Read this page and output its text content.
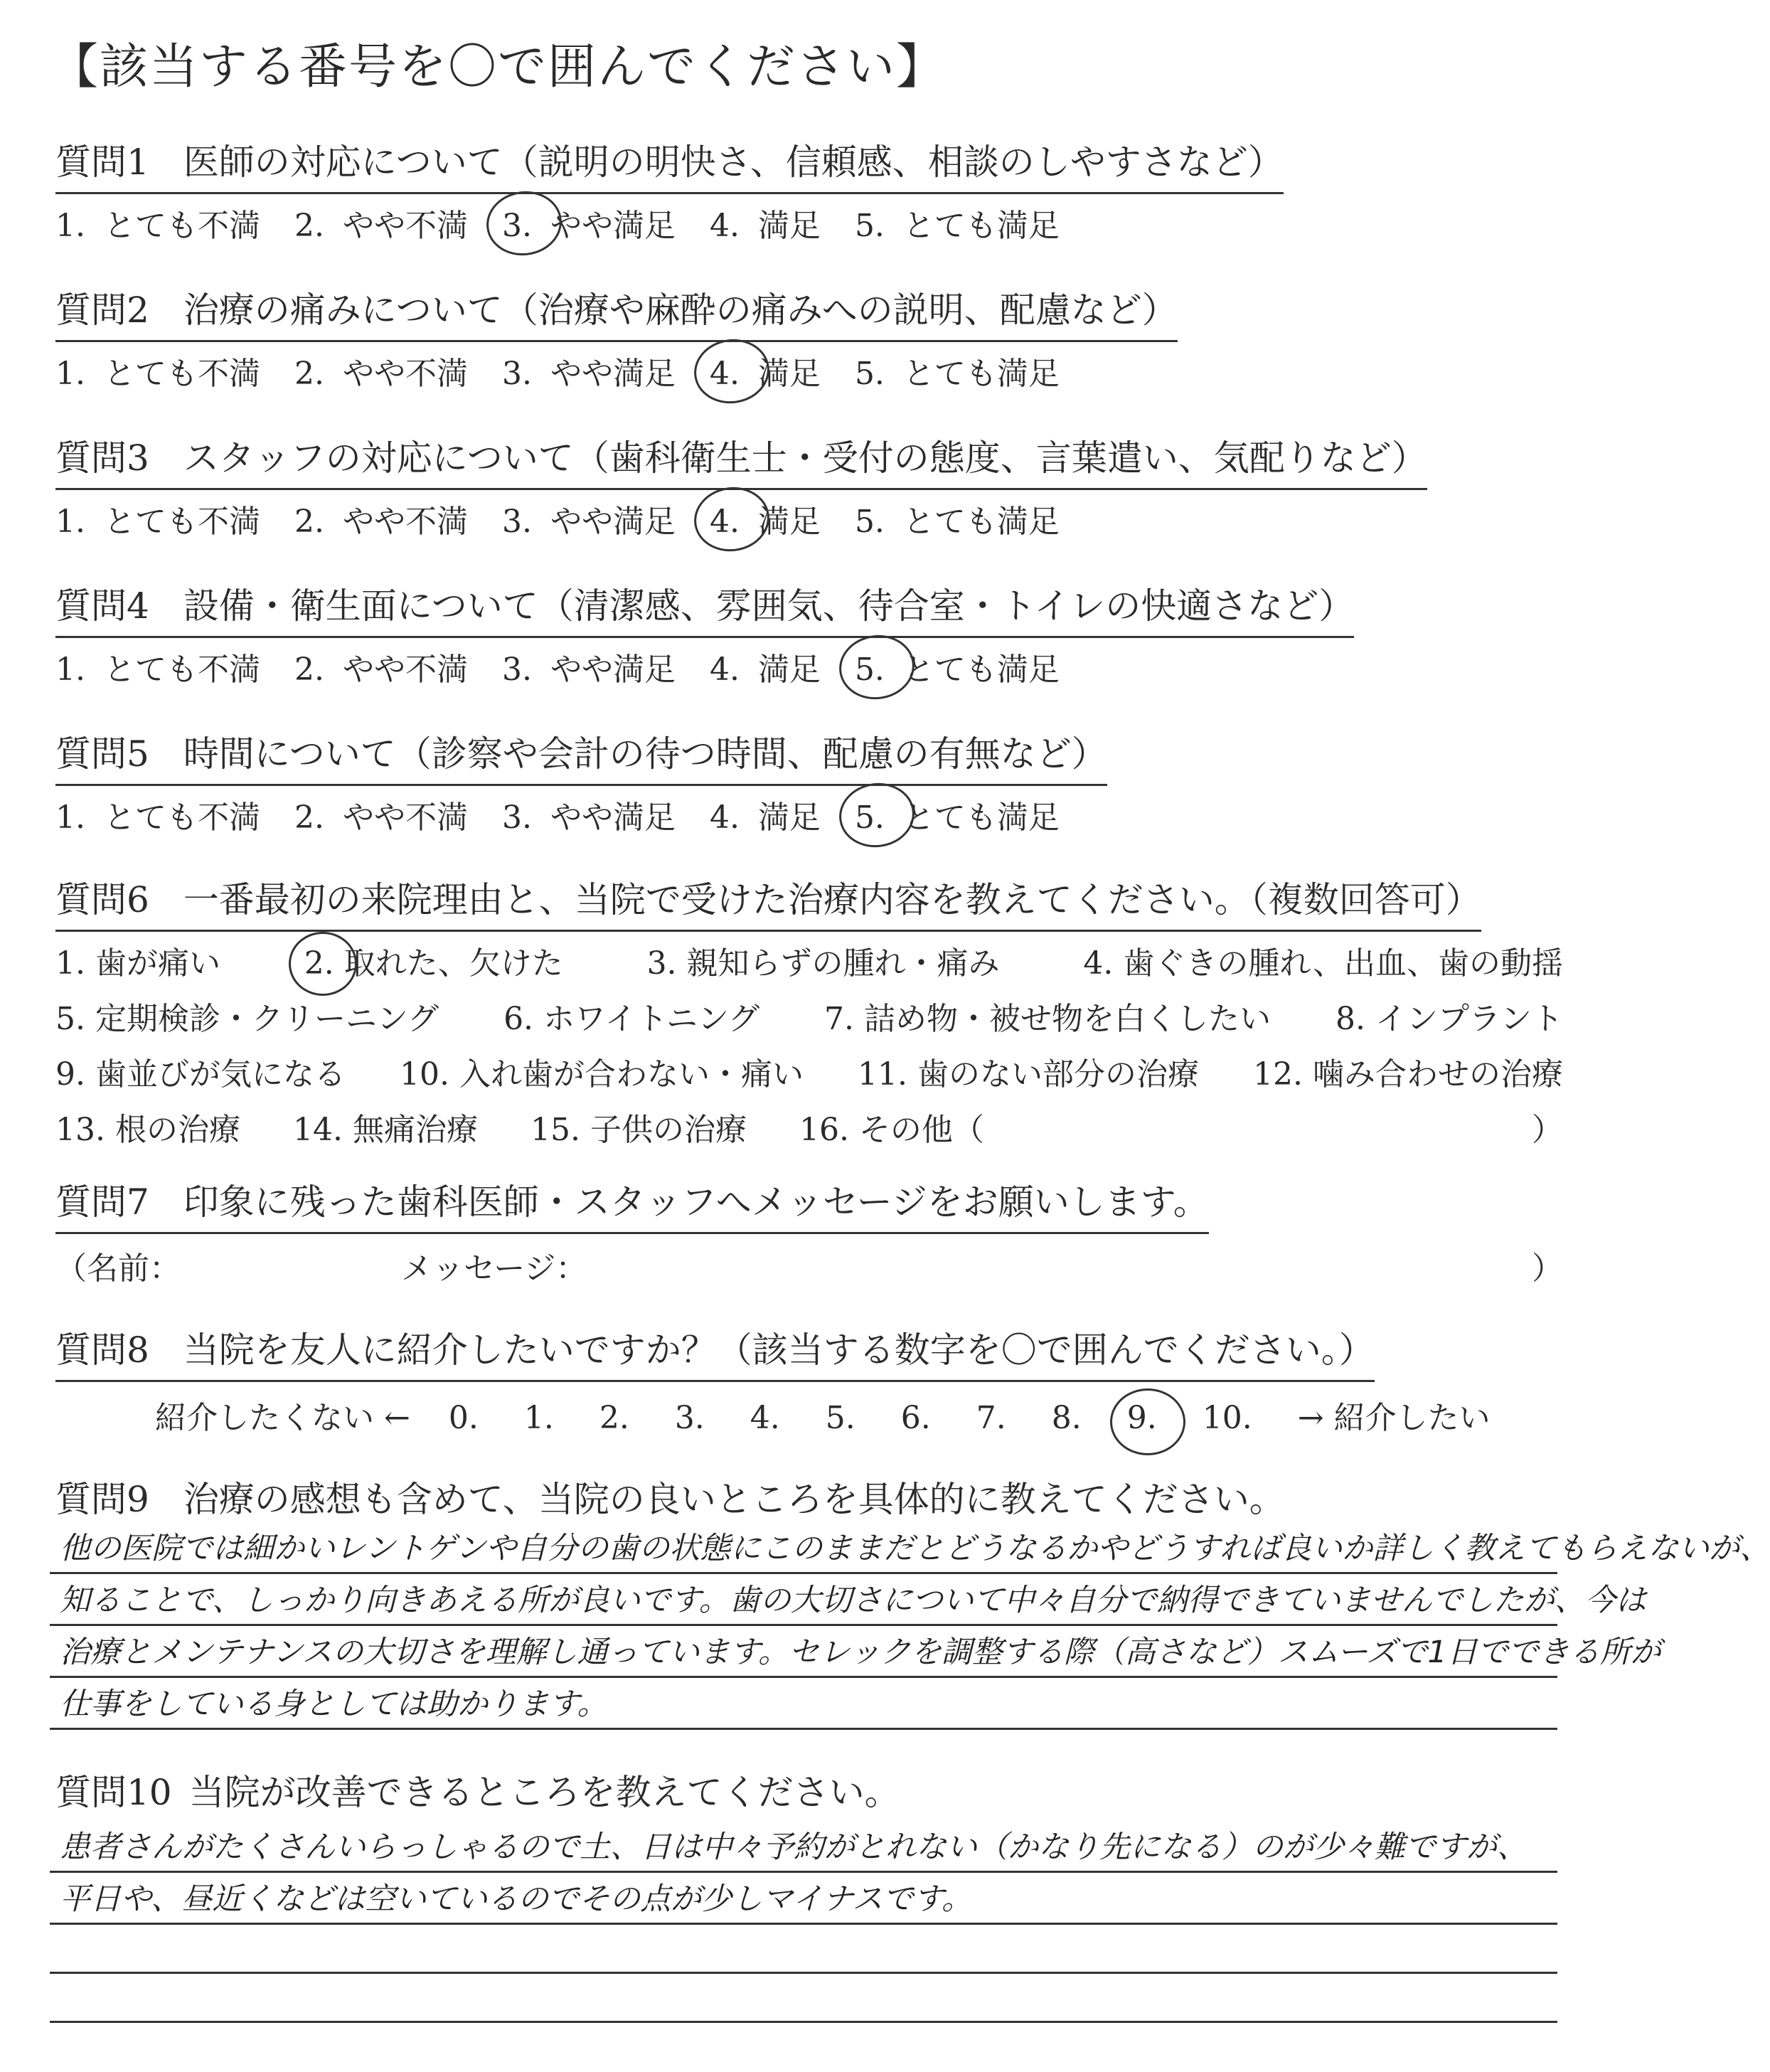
【該当する番号を〇で囲んでください】
質問1 医師の対応について（説明の明快さ、信頼感、相談のしやすさなど）
1. とても不満 2. やや不満 3. やや満足 4. 満足 5. とても満足
質問2 治療の痛みについて（治療や麻酔の痛みへの説明、配慮など）
1. とても不満 2. やや不満 3. やや満足 4. 満足 5. とても満足
質問3 スタッフの対応について（歯科衛生士・受付の態度、言葉遣い、気配りなど）
1. とても不満 2. やや不満 3. やや満足 4. 満足 5. とても満足
質問4 設備・衛生面について（清潔感、雰囲気、待合室・トイレの快適さなど）
1. とても不満 2. やや不満 3. やや満足 4. 満足 5. とても満足
質問5 時間について（診察や会計の待つ時間、配慮の有無など）
1. とても不満 2. やや不満 3. やや満足 4. 満足 5. とても満足
質問6 一番最初の来院理由と、当院で受けた治療内容を教えてください。（複数回答可）
1. 歯が痛い	2. 取れた、欠けた	3. 親知らずの腫れ・痛み	4. 歯ぐきの腫れ、出血、歯の動揺
5. 定期検診・クリーニング 6. ホワイトニング 7. 詰め物・被せ物を白くしたい 8. インプラント
9. 歯並びが気になる 10. 入れ歯が合わない・痛い 11. 歯のない部分の治療 12. 噛み合わせの治療
13. 根の治療 14. 無痛治療 15. 子供の治療 16. その他（	）
質問7 印象に残った歯科医師・スタッフへメッセージをお願いします。
（名前：	メッセージ：	）
質問8 当院を友人に紹介したいですか？（該当する数字を〇で囲んでください。）
紹介したくない ← 0. 1. 2. 3. 4. 5. 6. 7. 8. 9. 10. → 紹介したい
質問9 治療の感想も含めて、当院の良いところを具体的に教えてください。
他の医院では細かいレントゲンや自分の歯の状態にこのままだとどうなるかやどうすれば良いか詳しく教えてもらえないが、
知ることで、しっかり向きあえる所が良いです。歯の大切さについて中々自分で納得できていませんでしたが、今は
治療とメンテナンスの大切さを理解し通っています。セレックを調整する際（高さなど）スムーズで1日でできる所が
仕事をしている身としては助かります。
質問10 当院が改善できるところを教えてください。
患者さんがたくさんいらっしゃるので土、日は中々予約がとれない（かなり先になる）のが少々難ですが、
平日や、昼近くなどは空いているのでその点が少しマイナスです。
